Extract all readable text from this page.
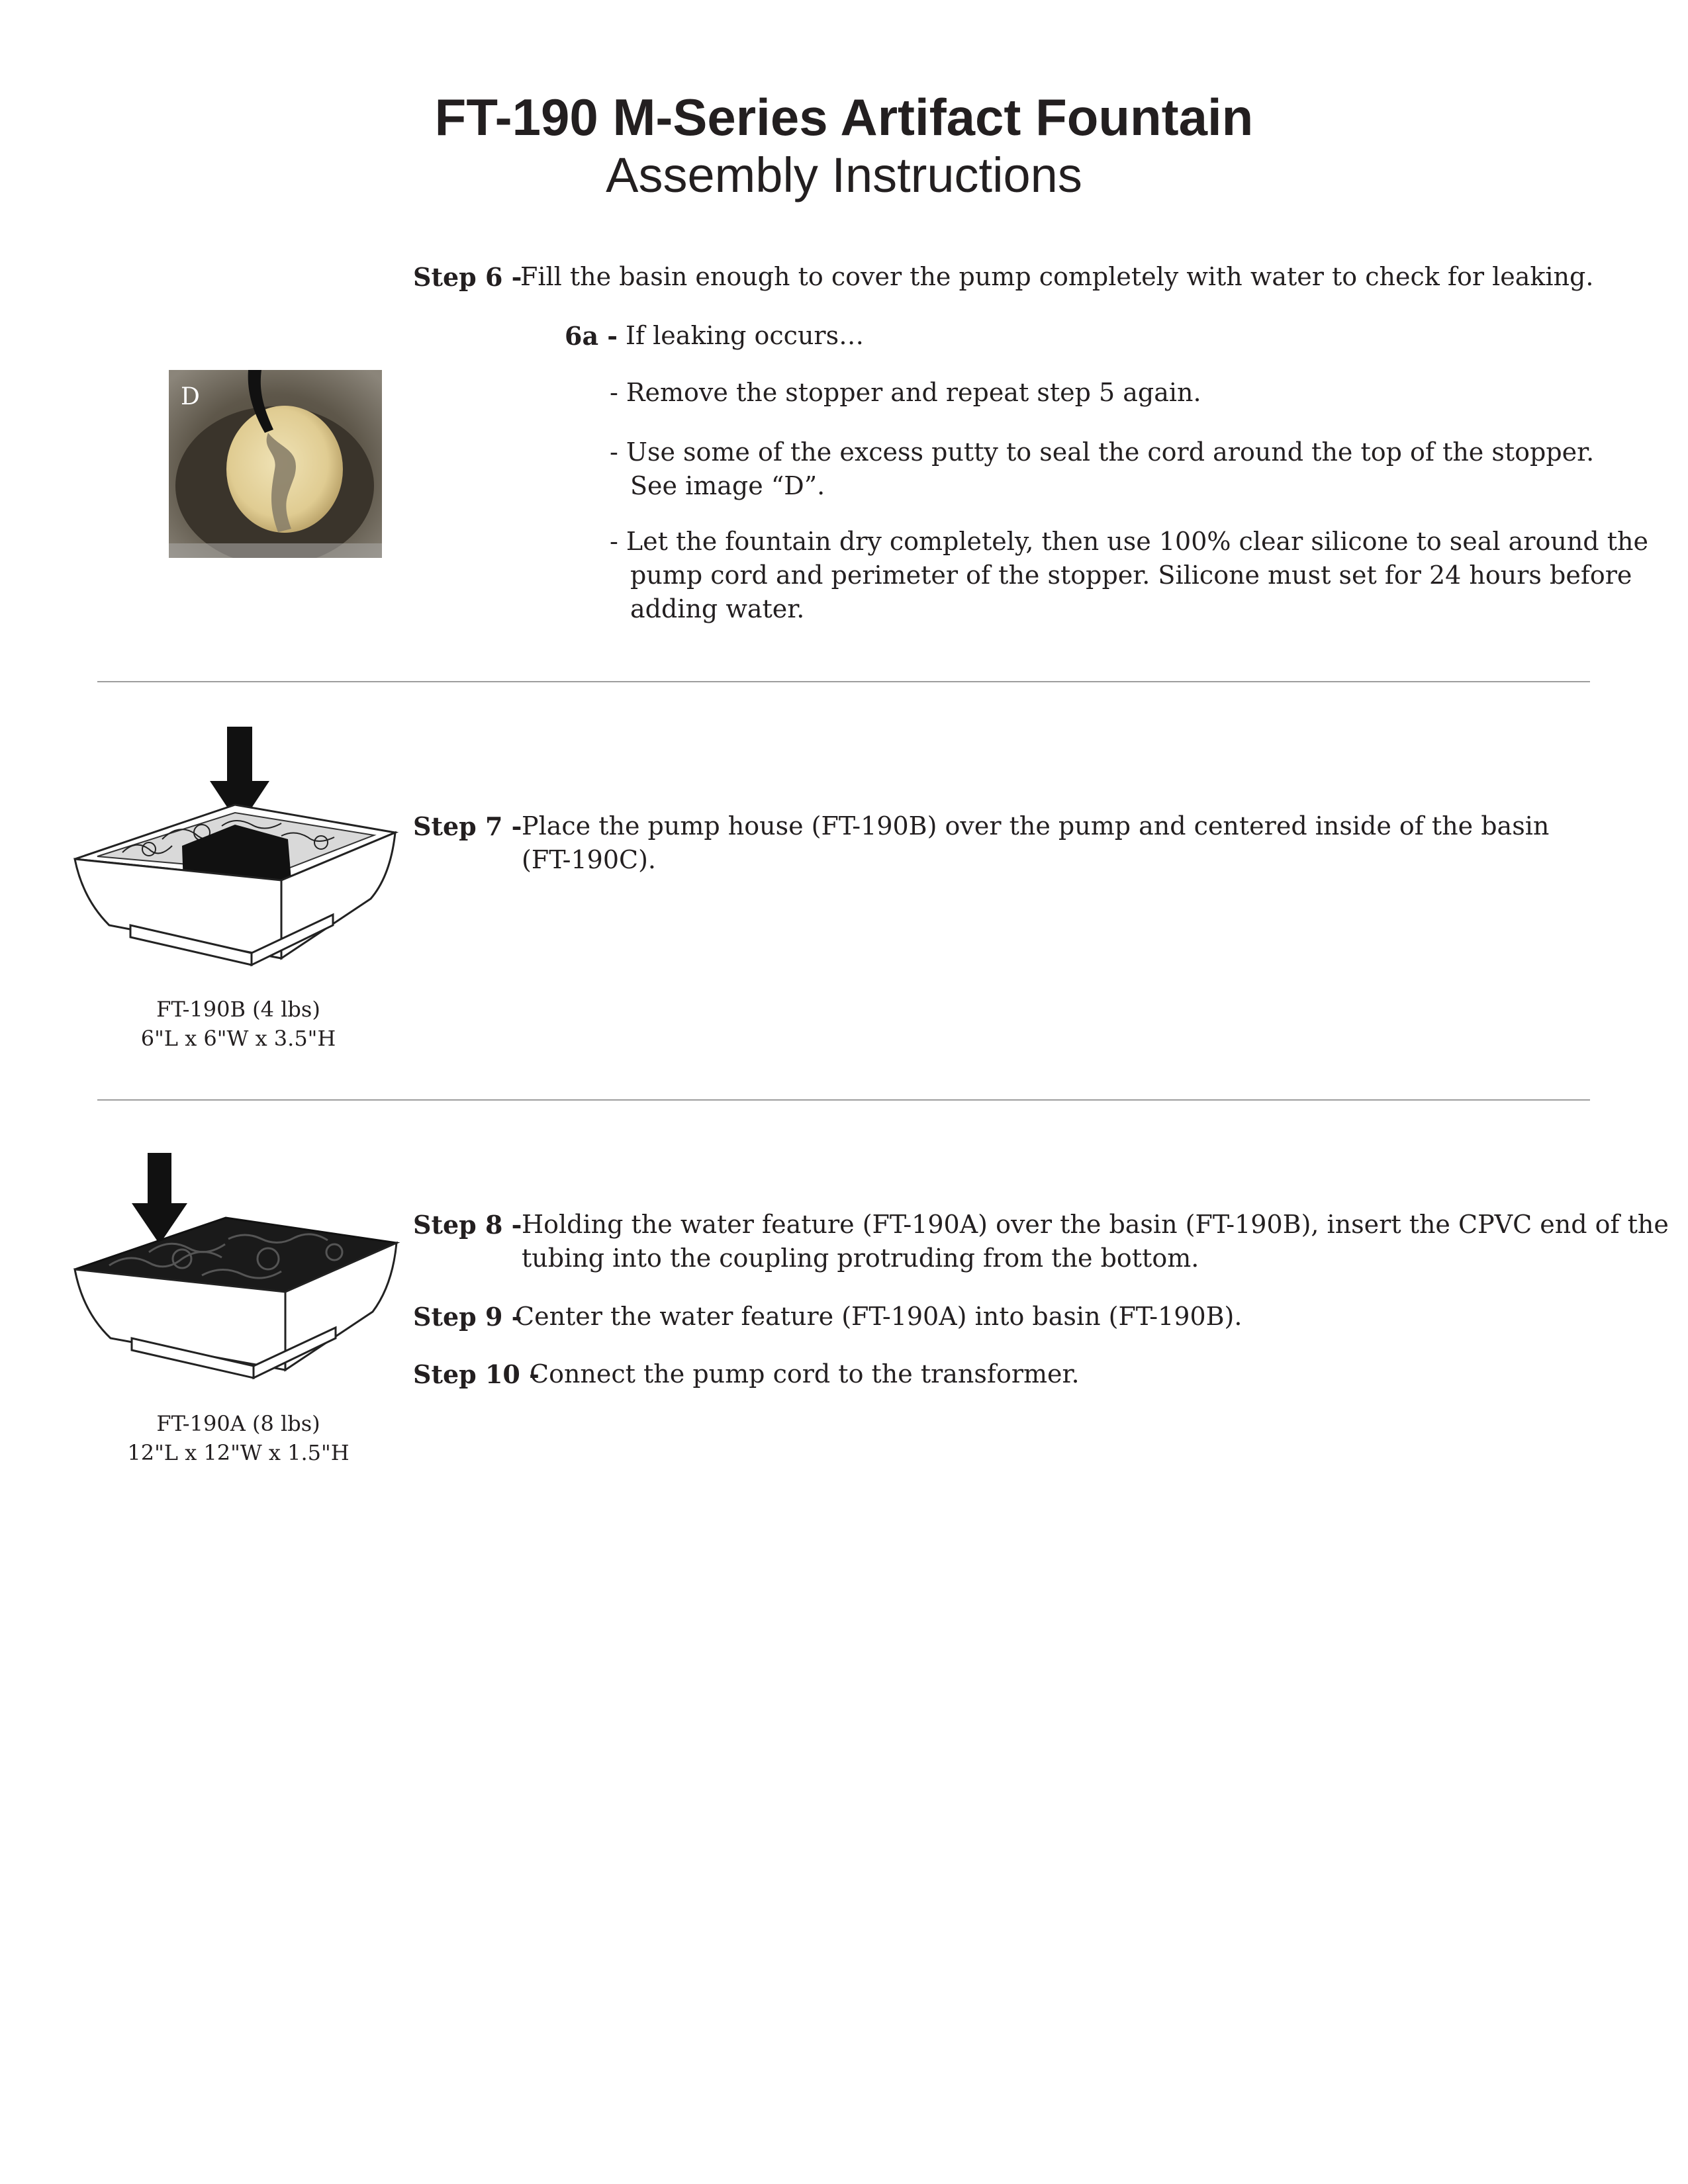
FT-190 M-Series Artifact Fountain
Assembly Instructions
Step 6 -
Fill the basin enough to cover the pump completely with water to check for leaking.
6a - If leaking occurs…
- Remove the stopper and repeat step 5 again.
- Use some of the excess putty to seal the cord around the top of the stopper.
See image “D”.
- Let the fountain dry completely, then use 100% clear silicone to seal around the
pump cord and perimeter of the stopper. Silicone must set for 24 hours before
adding water.
D
Step 7 - Place the pump house (FT-190B) over the pump and centered inside of the basin
(FT-190C).
FT-190B (4 lbs)
6"L x 6"W x 3.5"H
Step 8 - Holding the water feature (FT-190A) over the basin (FT-190B), insert the CPVC end of the
tubing into the coupling protruding from the bottom.
Step 9 -
Center the water feature (FT-190A) into basin (FT-190B).
Step 10 -
Connect the pump cord to the transformer.
FT-190A (8 lbs)
12"L x 12"W x 1.5"H
